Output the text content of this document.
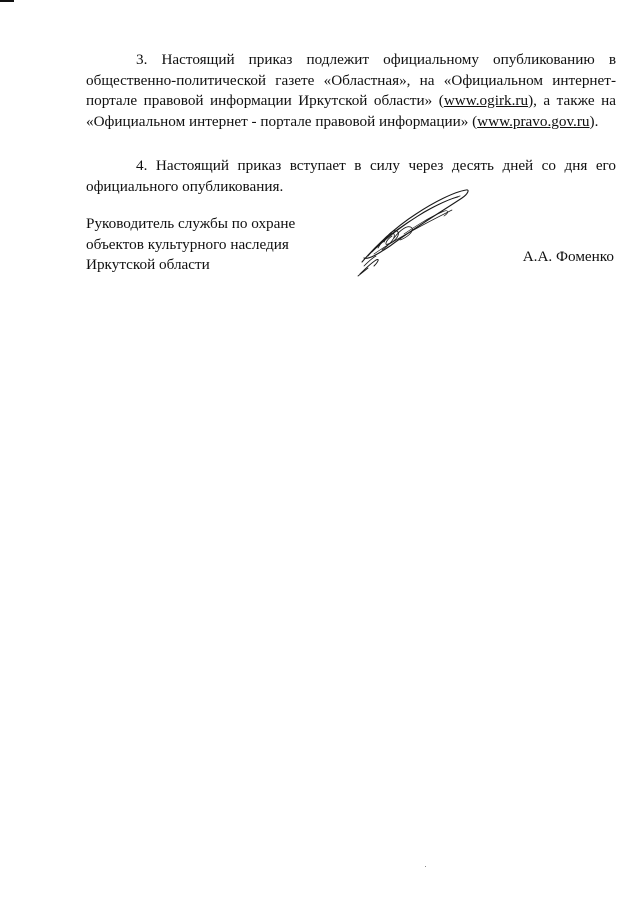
3. Настоящий приказ подлежит официальному опубликованию в общественно-политической газете «Областная», на «Официальном интернет-портале правовой информации Иркутской области» (www.ogirk.ru), а также на «Официальном интернет - портале правовой информации» (www.pravo.gov.ru).

4. Настоящий приказ вступает в силу через десять дней со дня его официального опубликования.

Руководитель службы по охране
объектов культурного наследия
Иркутской области	А.А. Фоменко
